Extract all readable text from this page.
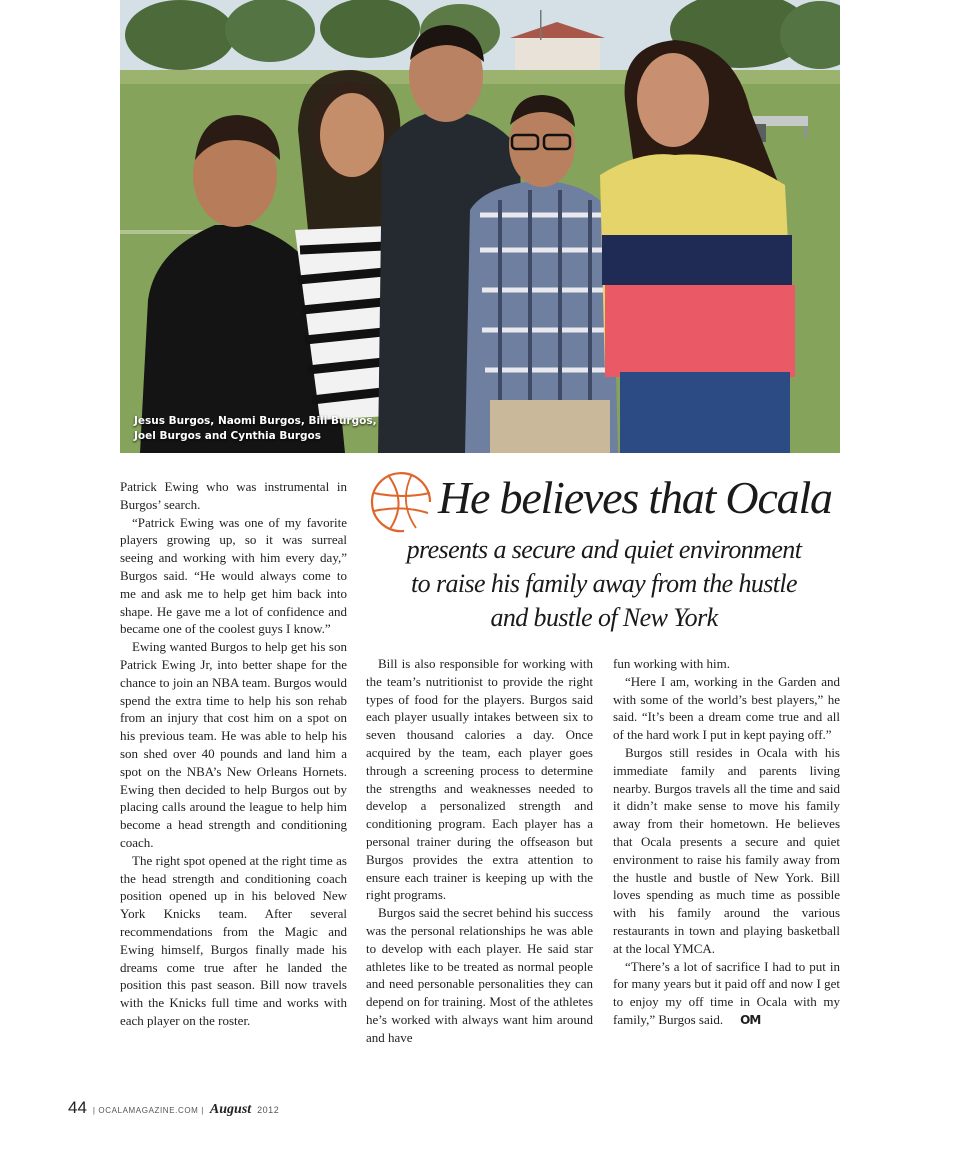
Jesus Burgos, Naomi Burgos, Bill Burgos,
Joel Burgos and Cynthia Burgos

Patrick Ewing who was instrumental in Burgos’ search.

“Patrick Ewing was one of my favorite players growing up, so it was surreal seeing and working with him every day,” Burgos said. “He would always come to me and ask me to help get him back into shape. He gave me a lot of confidence and became one of the coolest guys I know.”

Ewing wanted Burgos to help get his son Patrick Ewing Jr, into better shape for the chance to join an NBA team. Burgos would spend the extra time to help his son rehab from an injury that cost him on a spot on his previous team. He was able to help his son shed over 40 pounds and land him a spot on the NBA’s New Orleans Hornets. Ewing then decided to help Burgos out by placing calls around the league to help him become a head strength and conditioning coach.

The right spot opened at the right time as the head strength and conditioning coach position opened up in his beloved New York Knicks team. After several recommendations from the Magic and Ewing himself, Burgos finally made his dreams come true after he landed the position this past season. Bill now travels with the Knicks full time and works with each player on the roster.

He believes that Ocala
presents a secure and quiet environment
to raise his family away from the hustle
and bustle of New York

Bill is also responsible for working with the team’s nutritionist to provide the right types of food for the players. Burgos said each player usually intakes between six to seven thousand calories a day. Once acquired by the team, each player goes through a screening process to determine the strengths and weaknesses needed to develop a personalized strength and conditioning program. Each player has a personal trainer during the offseason but Burgos provides the extra attention to ensure each trainer is keeping up with the right programs.

Burgos said the secret behind his success was the personal relationships he was able to develop with each player. He said star athletes like to be treated as normal people and need personable personalities they can depend on for training. Most of the athletes he’s worked with always want him around and have

fun working with him.

“Here I am, working in the Garden and with some of the world’s best players,” he said. “It’s been a dream come true and all of the hard work I put in kept paying off.”

Burgos still resides in Ocala with his immediate family and parents living nearby. Burgos travels all the time and said it didn’t make sense to move his family away from their hometown. He believes that Ocala presents a secure and quiet environment to raise his family away from the hustle and bustle of New York. Bill loves spending as much time as possible with his family around the various restaurants in town and playing basketball at the local YMCA.

“There’s a lot of sacrifice I had to put in for many years but it paid off and now I get to enjoy my off time in Ocala with my family,” Burgos said. OM

44 | OCALAMAGAZINE.COM | August 2012
